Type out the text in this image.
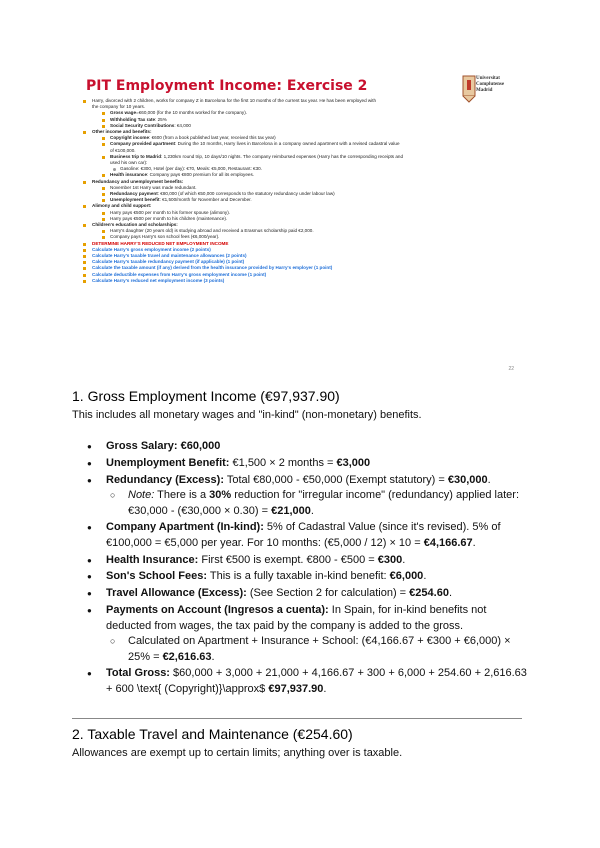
PIT Employment Income: Exercise 2	Universitat Complutense Madrid
Harry, divorced with 2 children, works for company Z in Barcelona for the first 10 months of the current tax year. He has been employed with
the company for 10 years.
Gross wage=€60,000 (for the 10 months worked for the company).
Withholding Tax rate: 25%
Social Security Contributions: €4,000
Other income and benefits:
Copyright income: €600 (from a book published last year, received this tax year)
Company provided apartment: During the 10 months, Harry lives in Barcelona in a company owned apartment with a revised cadastral value
of €100,000.
Business trip to Madrid: 1,230km round trip, 10 days/10 nights. The company reimbursed expenses (Harry has the corresponding receipts and
used his own car):
Gasoline: €300, Hotel (per day): €70, Meals: €5,000, Restaurant: €30.
Health insurance: Company pays €800 premium for all its employees.
Redundancy and unemployment benefits:
November 1st Harry was made redundant.
Redundancy payment: €80,000 (of which €50,000 corresponds to the statutory redundancy under labour law)
Unemployment benefit: €1,500/month for November and December.
Alimony and child support:
Harry pays €500 per month to his former spouse (alimony).
Harry pays €500 per month to his children (maintenance).
Children's education and scholarships:
Harry's daughter (20 years old) is studying abroad and received a Erasmus scholarship paid €2,000.
Company pays Harry's son school fees (€6,000/year).
DETERMINE HARRY'S REDUCED NET EMPLOYMENT INCOME
Calculate Harry's gross employment income (2 points)
Calculate Harry's taxable travel and maintenance allowances (2 points)
Calculate Harry's taxable redundancy payment (if applicable) (1 point)
Calculate the taxable amount (if any) derived from the health insurance provided by Harry's employer (1 point)
Calculate deductible expenses from Harry's gross employment income (1 point)
Calculate Harry's reduced net employment income (3 points)
22
1. Gross Employment Income (€97,937.90)
This includes all monetary wages and "in-kind" (non-monetary) benefits.
● Gross Salary: €60,000
● Unemployment Benefit: €1,500 × 2 months = €3,000
● Redundancy (Excess): Total €80,000 - €50,000 (Exempt statutory) = €30,000.
○ Note: There is a 30% reduction for "irregular income" (redundancy) applied later: €30,000 - (€30,000 × 0.30) = €21,000.
● Company Apartment (In-kind): 5% of Cadastral Value (since it's revised). 5% of €100,000 = €5,000 per year. For 10 months: (€5,000 / 12) × 10 = €4,166.67.
● Health Insurance: First €500 is exempt. €800 - €500 = €300.
● Son's School Fees: This is a fully taxable in-kind benefit: €6,000.
● Travel Allowance (Excess): (See Section 2 for calculation) = €254.60.
● Payments on Account (Ingresos a cuenta): In Spain, for in-kind benefits not deducted from wages, the tax paid by the company is added to the gross.
○ Calculated on Apartment + Insurance + School: (€4,166.67 + €300 + €6,000) × 25% = €2,616.63.
● Total Gross: $60,000 + 3,000 + 21,000 + 4,166.67 + 300 + 6,000 + 254.60 + 2,616.63 + 600 \text{ (Copyright)}\approx$ €97,937.90.
2. Taxable Travel and Maintenance (€254.60)
Allowances are exempt up to certain limits; anything over is taxable.
